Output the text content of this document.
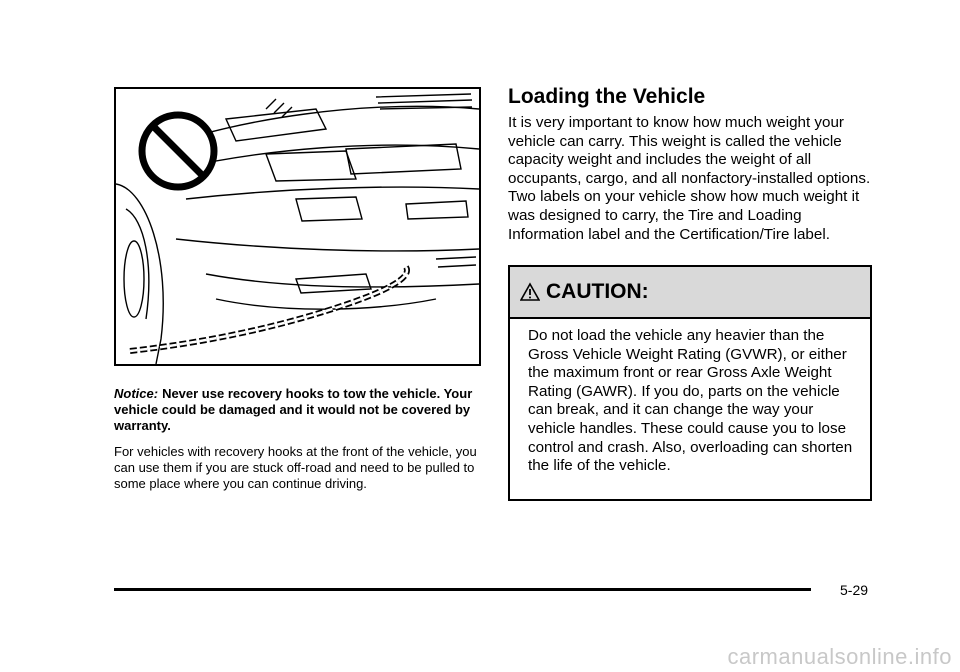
Notice: Never use recovery hooks to tow the vehicle. Your vehicle could be damaged and it would not be covered by warranty.
For vehicles with recovery hooks at the front of the vehicle, you can use them if you are stuck off-road and need to be pulled to some place where you can continue driving.
Loading the Vehicle
It is very important to know how much weight your vehicle can carry. This weight is called the vehicle capacity weight and includes the weight of all occupants, cargo, and all nonfactory-installed options. Two labels on your vehicle show how much weight it was designed to carry, the Tire and Loading Information label and the Certification/Tire label.
CAUTION:
Do not load the vehicle any heavier than the Gross Vehicle Weight Rating (GVWR), or either the maximum front or rear Gross Axle Weight Rating (GAWR). If you do, parts on the vehicle can break, and it can change the way your vehicle handles. These could cause you to lose control and crash. Also, overloading can shorten the life of the vehicle.
5-29
carmanualsonline.info
